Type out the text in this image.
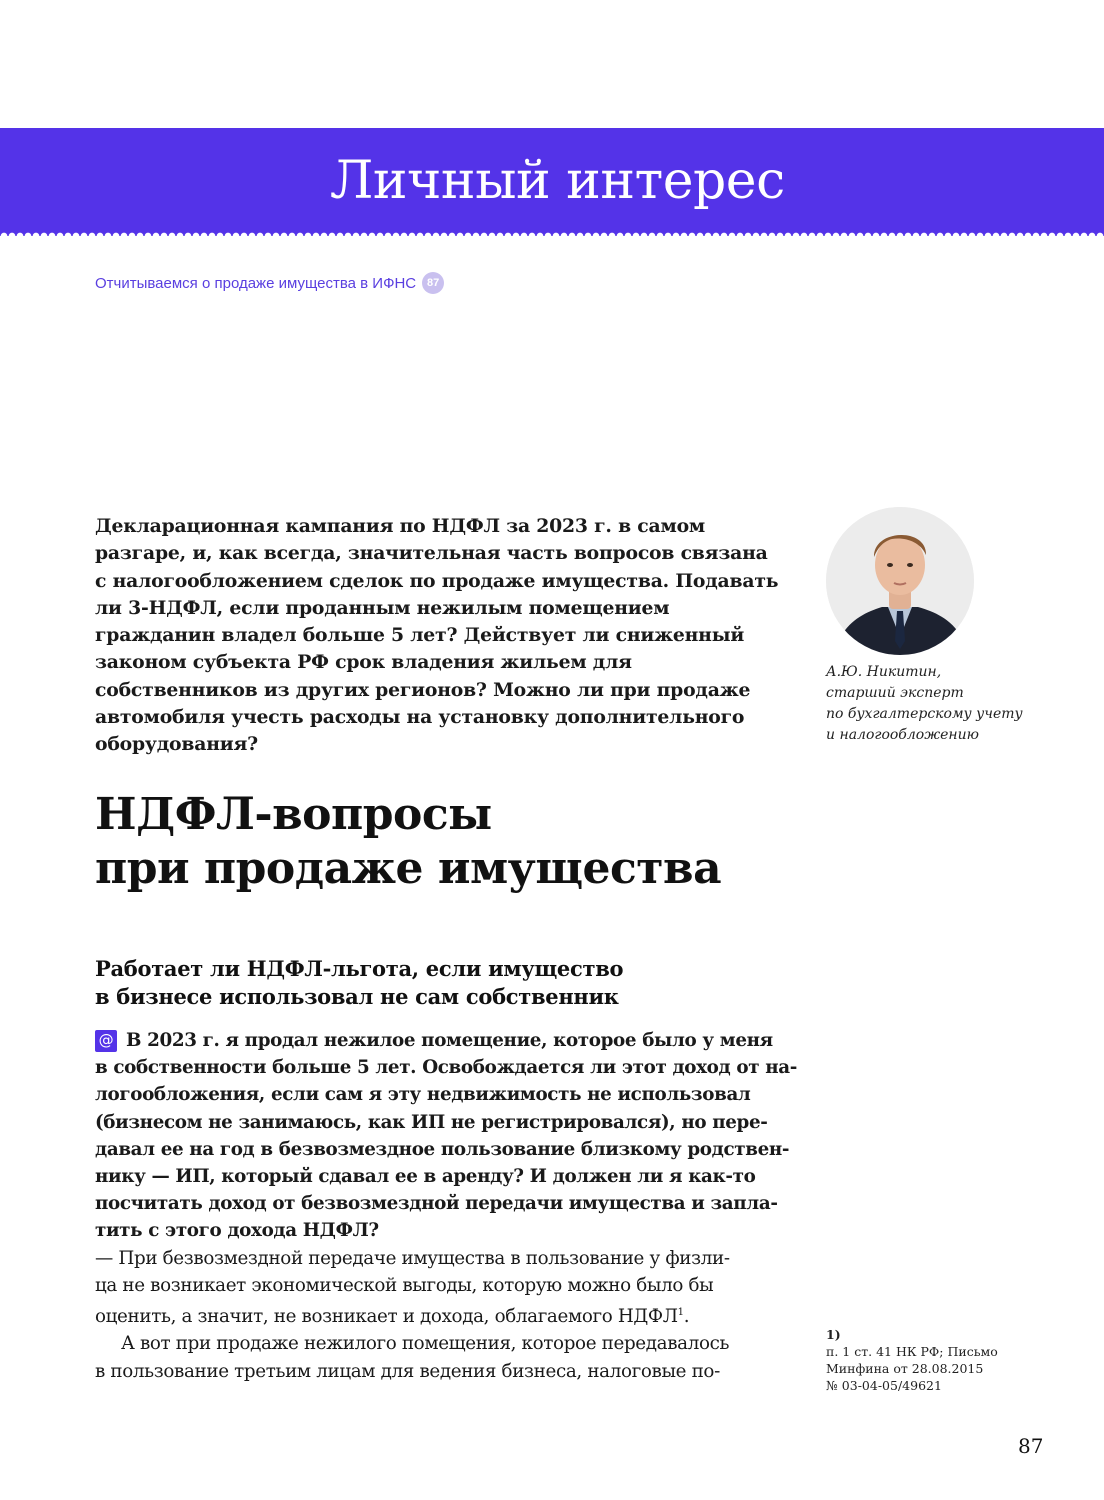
Личный интерес
Отчитываемся о продаже имущества в ИФНС 87

Декларационная кампания по НДФЛ за 2023 г. в самом разгаре, и, как всегда, значительная часть вопросов связана с налогообложением сделок по продаже имущества. Подавать ли 3-НДФЛ, если проданным нежилым помещением гражданин владел больше 5 лет? Действует ли сниженный законом субъекта РФ срок владения жильем для собственников из других регионов? Можно ли при продаже автомобиля учесть расходы на установку дополнительного оборудования?

А.Ю. Никитин,
старший эксперт
по бухгалтерскому учету
и налогообложению
НДФЛ-вопросы
при продаже имущества
Работает ли НДФЛ-льгота, если имущество
в бизнесе использовал не сам собственник
@ В 2023 г. я продал нежилое помещение, которое было у меня
в собственности больше 5 лет. Освобождается ли этот доход от на-
логообложения, если сам я эту недвижимость не использовал
(бизнесом не занимаюсь, как ИП не регистрировался), но пере-
давал ее на год в безвозмездное пользование близкому родствен-
нику — ИП, который сдавал ее в аренду? И должен ли я как-то
посчитать доход от безвозмездной передачи имущества и запла-
тить с этого дохода НДФЛ?
— При безвозмездной передаче имущества в пользование у физли-
ца не возникает экономической выгоды, которую можно было бы
оценить, а значит, не возникает и дохода, облагаемого НДФЛ$^1$.
А вот при продаже нежилого помещения, которое передавалось
в пользование третьим лицам для ведения бизнеса, налоговые по-
1)
п. 1 ст. 41 НК РФ; Письмо
Минфина от 28.08.2015
№ 03-04-05/49621
87
